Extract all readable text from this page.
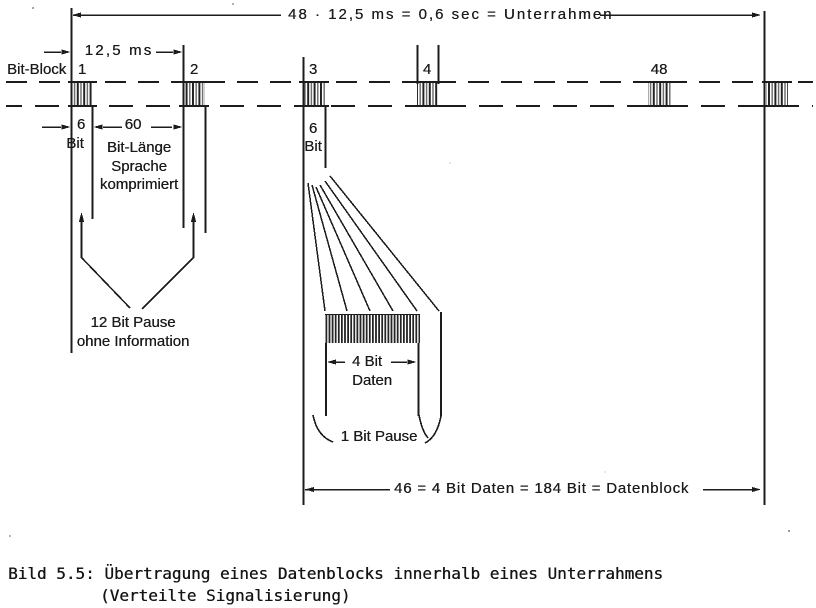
Bit-Block
48 · 12,5 ms = 0,6 sec = Unterrahmen
12,5 ms
1	2	3	4	48
6
Bit
60
Bit-Länge
Sprache
komprimiert
6
Bit
12 Bit Pause
ohne Information
4 Bit
Daten
1 Bit Pause
46 = 4 Bit Daten = 184 Bit = Datenblock
Bild 5.5: Übertragung eines Datenblocks innerhalb eines Unterrahmens
(Verteilte Signalisierung)
